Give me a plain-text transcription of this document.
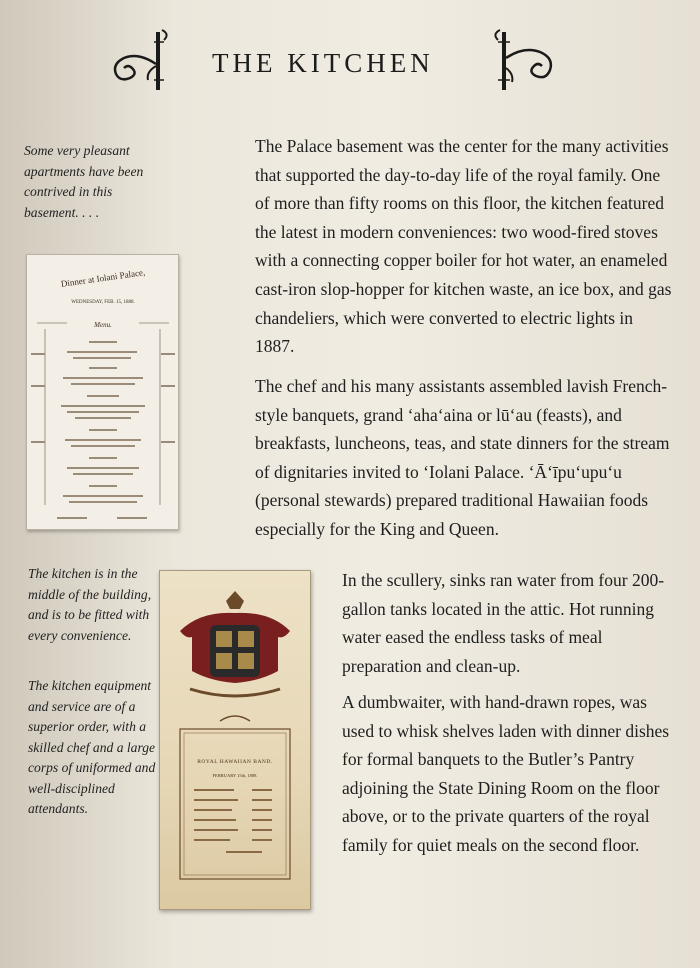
THE KITCHEN

Some very pleasant apartments have been contrived in this basement. . . .

The Palace basement was the center for the many activities that supported the day-to-day life of the royal family. One of more than fifty rooms on this floor, the kitchen featured the latest in modern conveniences: two wood-fired stoves with a connecting copper boiler for hot water, an enameled cast-iron slop-hopper for kitchen waste, an ice box, and gas chandeliers, which were converted to electric lights in 1887.

The chef and his many assistants assembled lavish French-style banquets, grand ʻahaʻaina or lūʻau (feasts), and breakfasts, luncheons, teas, and state dinners for the stream of dignitaries invited to ʻIolani Palace. ʻĀʻīpuʻupuʻu (personal stewards) prepared traditional Hawaiian foods especially for the King and Queen.

Dinner at Iolani Palace,
WEDNESDAY, FEB. 15, 1888.
Menu.

The kitchen is in the middle of the building, and is to be fitted with every convenience.

The kitchen equipment and service are of a superior order, with a skilled chef and a large corps of uniformed and well-disciplined attendants.

ROYAL HAWAIIAN BAND.
FEBRUARY 15th, 1888.

In the scullery, sinks ran water from four 200-gallon tanks located in the attic. Hot running water eased the endless tasks of meal preparation and clean-up.

A dumbwaiter, with hand-drawn ropes, was used to whisk shelves laden with dinner dishes for formal banquets to the Butler’s Pantry adjoining the State Dining Room on the floor above, or to the private quarters of the royal family for quiet meals on the second floor.
